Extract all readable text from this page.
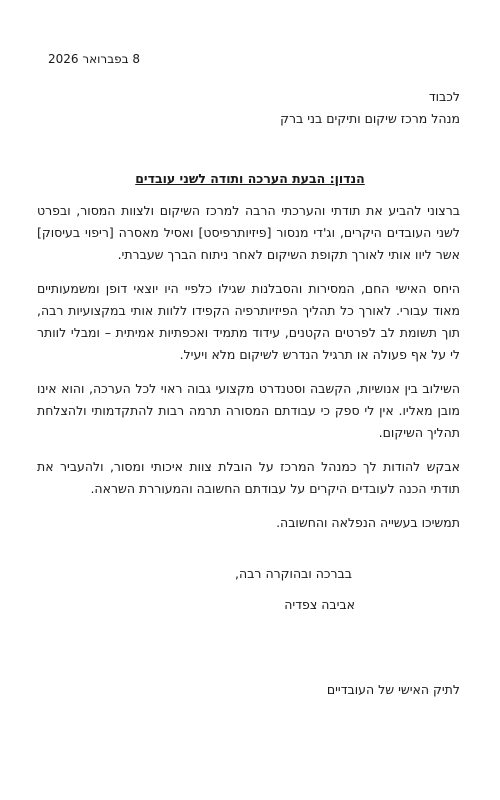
8 בפברואר 2026
לכבוד
מנהל מרכז שיקום ותיקים בני ברק
הנדון: הבעת הערכה ותודה לשני עובדים

ברצוני להביע את תודתי והערכתי הרבה למרכז השיקום ולצוות המסור, ובפרט לשני העובדים היקרים, וג'די מנסור [פיזיותרפיסט] ואסיל מאסרה [ריפוי בעיסוק] אשר ליוו אותי לאורך תקופת השיקום לאחר ניתוח הברך שעברתי.

היחס האישי החם, המסירות והסבלנות שגילו כלפיי היו יוצאי דופן ומשמעותיים מאוד עבורי. לאורך כל תהליך הפיזיותרפיה הקפידו ללוות אותי במקצועיות רבה, תוך תשומת לב לפרטים הקטנים, עידוד מתמיד ואכפתיות אמיתית – ומבלי לוותר לי על אף פעולה או תרגיל הנדרש לשיקום מלא ויעיל.

השילוב בין אנושיות, הקשבה וסטנדרט מקצועי גבוה ראוי לכל הערכה, והוא אינו מובן מאליו. אין לי ספק כי עבודתם המסורה תרמה רבות להתקדמותי ולהצלחת תהליך השיקום.

אבקש להודות לך כמנהל המרכז על הובלת צוות איכותי ומסור, ולהעביר את תודתי הכנה לעובדים היקרים על עבודתם החשובה והמעוררת השראה.

תמשיכו בעשייה הנפלאה והחשובה.

בברכה ובהוקרה רבה,
אביבה צפדיה
לתיק האישי של העובדיים
